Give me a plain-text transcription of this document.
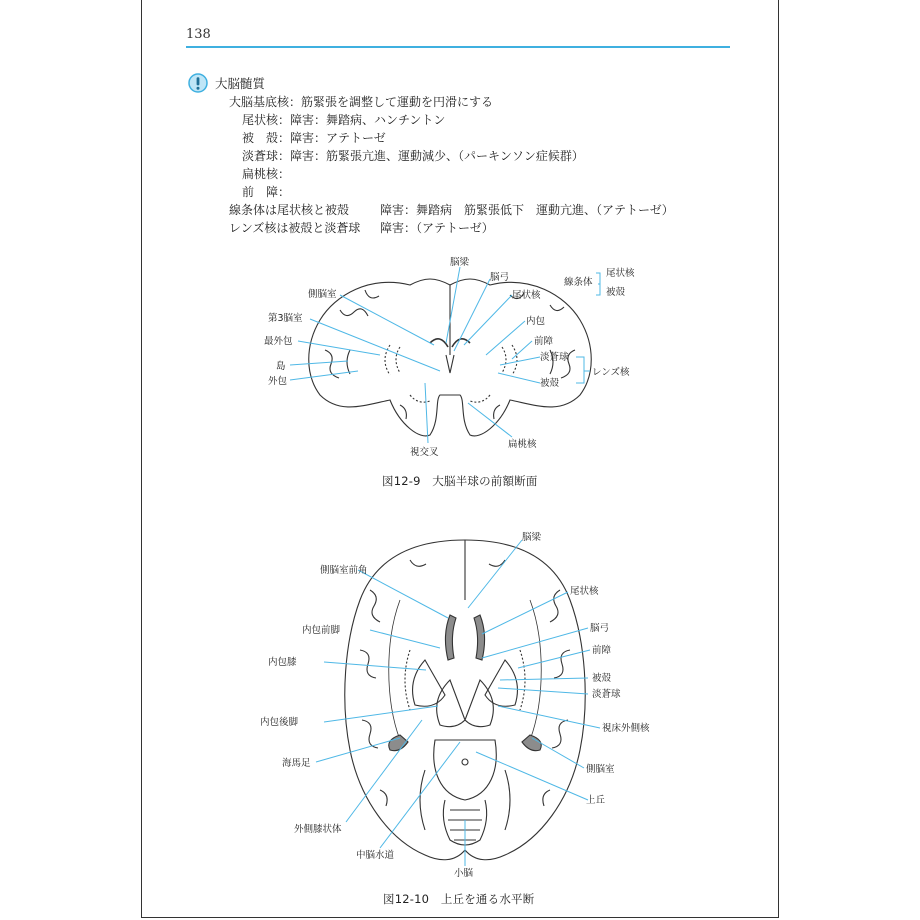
138
大脳髄質
大脳基底核：筋緊張を調整して運動を円滑にする
尾状核：障害：舞踏病、ハンチントン
被　殻：障害：アテトーゼ
淡蒼球：障害：筋緊張亢進、運動減少、（パーキンソン症候群）
扁桃核：
前　障：
線条体は尾状核と被殻	障害：舞踏病　筋緊張低下　運動亢進、（アテトーゼ）
レンズ核は被殻と淡蒼球 障害：（アテトーゼ）
脳梁
脳弓
尾状核
内包
前障
淡蒼球
被殻
扁桃核
視交叉
外包
島
最外包
第3脳室
側脳室
線条体
尾状核
被殻
レンズ核
図12-9　大脳半球の前額断面
脳梁
側脳室前角
尾状核
脳弓
内包前脚
前障
内包膝
被殻
淡蒼球
内包後脚
視床外側核
海馬足
側脳室
上丘
外側膝状体
中脳水道
小脳
図12-10　上丘を通る水平断
